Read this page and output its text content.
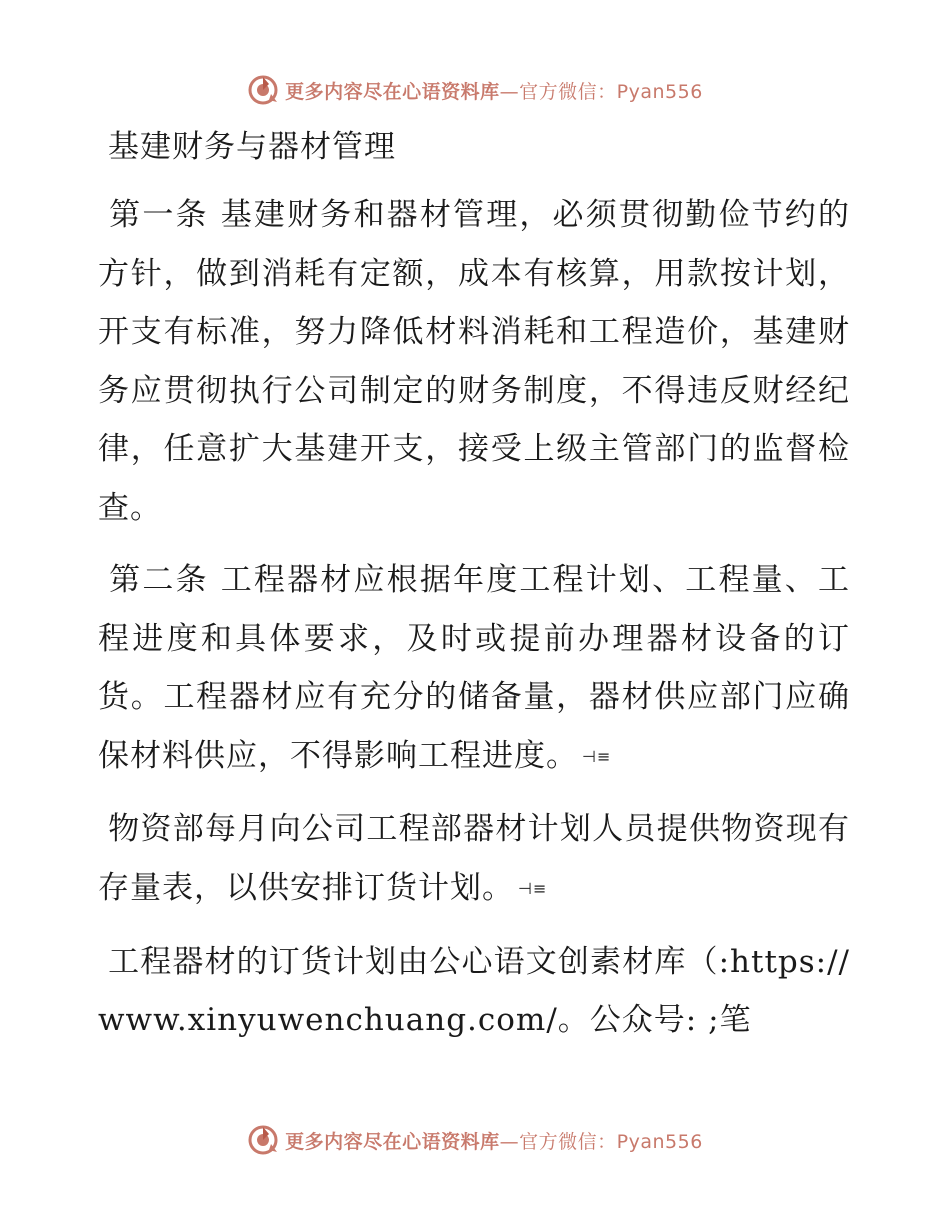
更多内容尽在心语资料库—官方微信：Pyan556
基建财务与器材管理

第一条 基建财务和器材管理，必须贯彻勤俭节约的方针，做到消耗有定额，成本有核算，用款按计划，开支有标准，努力降低材料消耗和工程造价，基建财务应贯彻执行公司制定的财务制度，不得违反财经纪律，任意扩大基建开支，接受上级主管部门的监督检查。

第二条 工程器材应根据年度工程计划、工程量、工程进度和具体要求，及时或提前办理器材设备的订货。工程器材应有充分的储备量，器材供应部门应确保材料供应，不得影响工程进度。 ⊣≡

物资部每月向公司工程部器材计划人员提供物资现有存量表，以供安排订货计划。 ⊣≡

工程器材的订货计划由公心语文创素材库（:https://www.xinyuwenchuang.com/。公众号: ;笔

更多内容尽在心语资料库—官方微信：Pyan556
